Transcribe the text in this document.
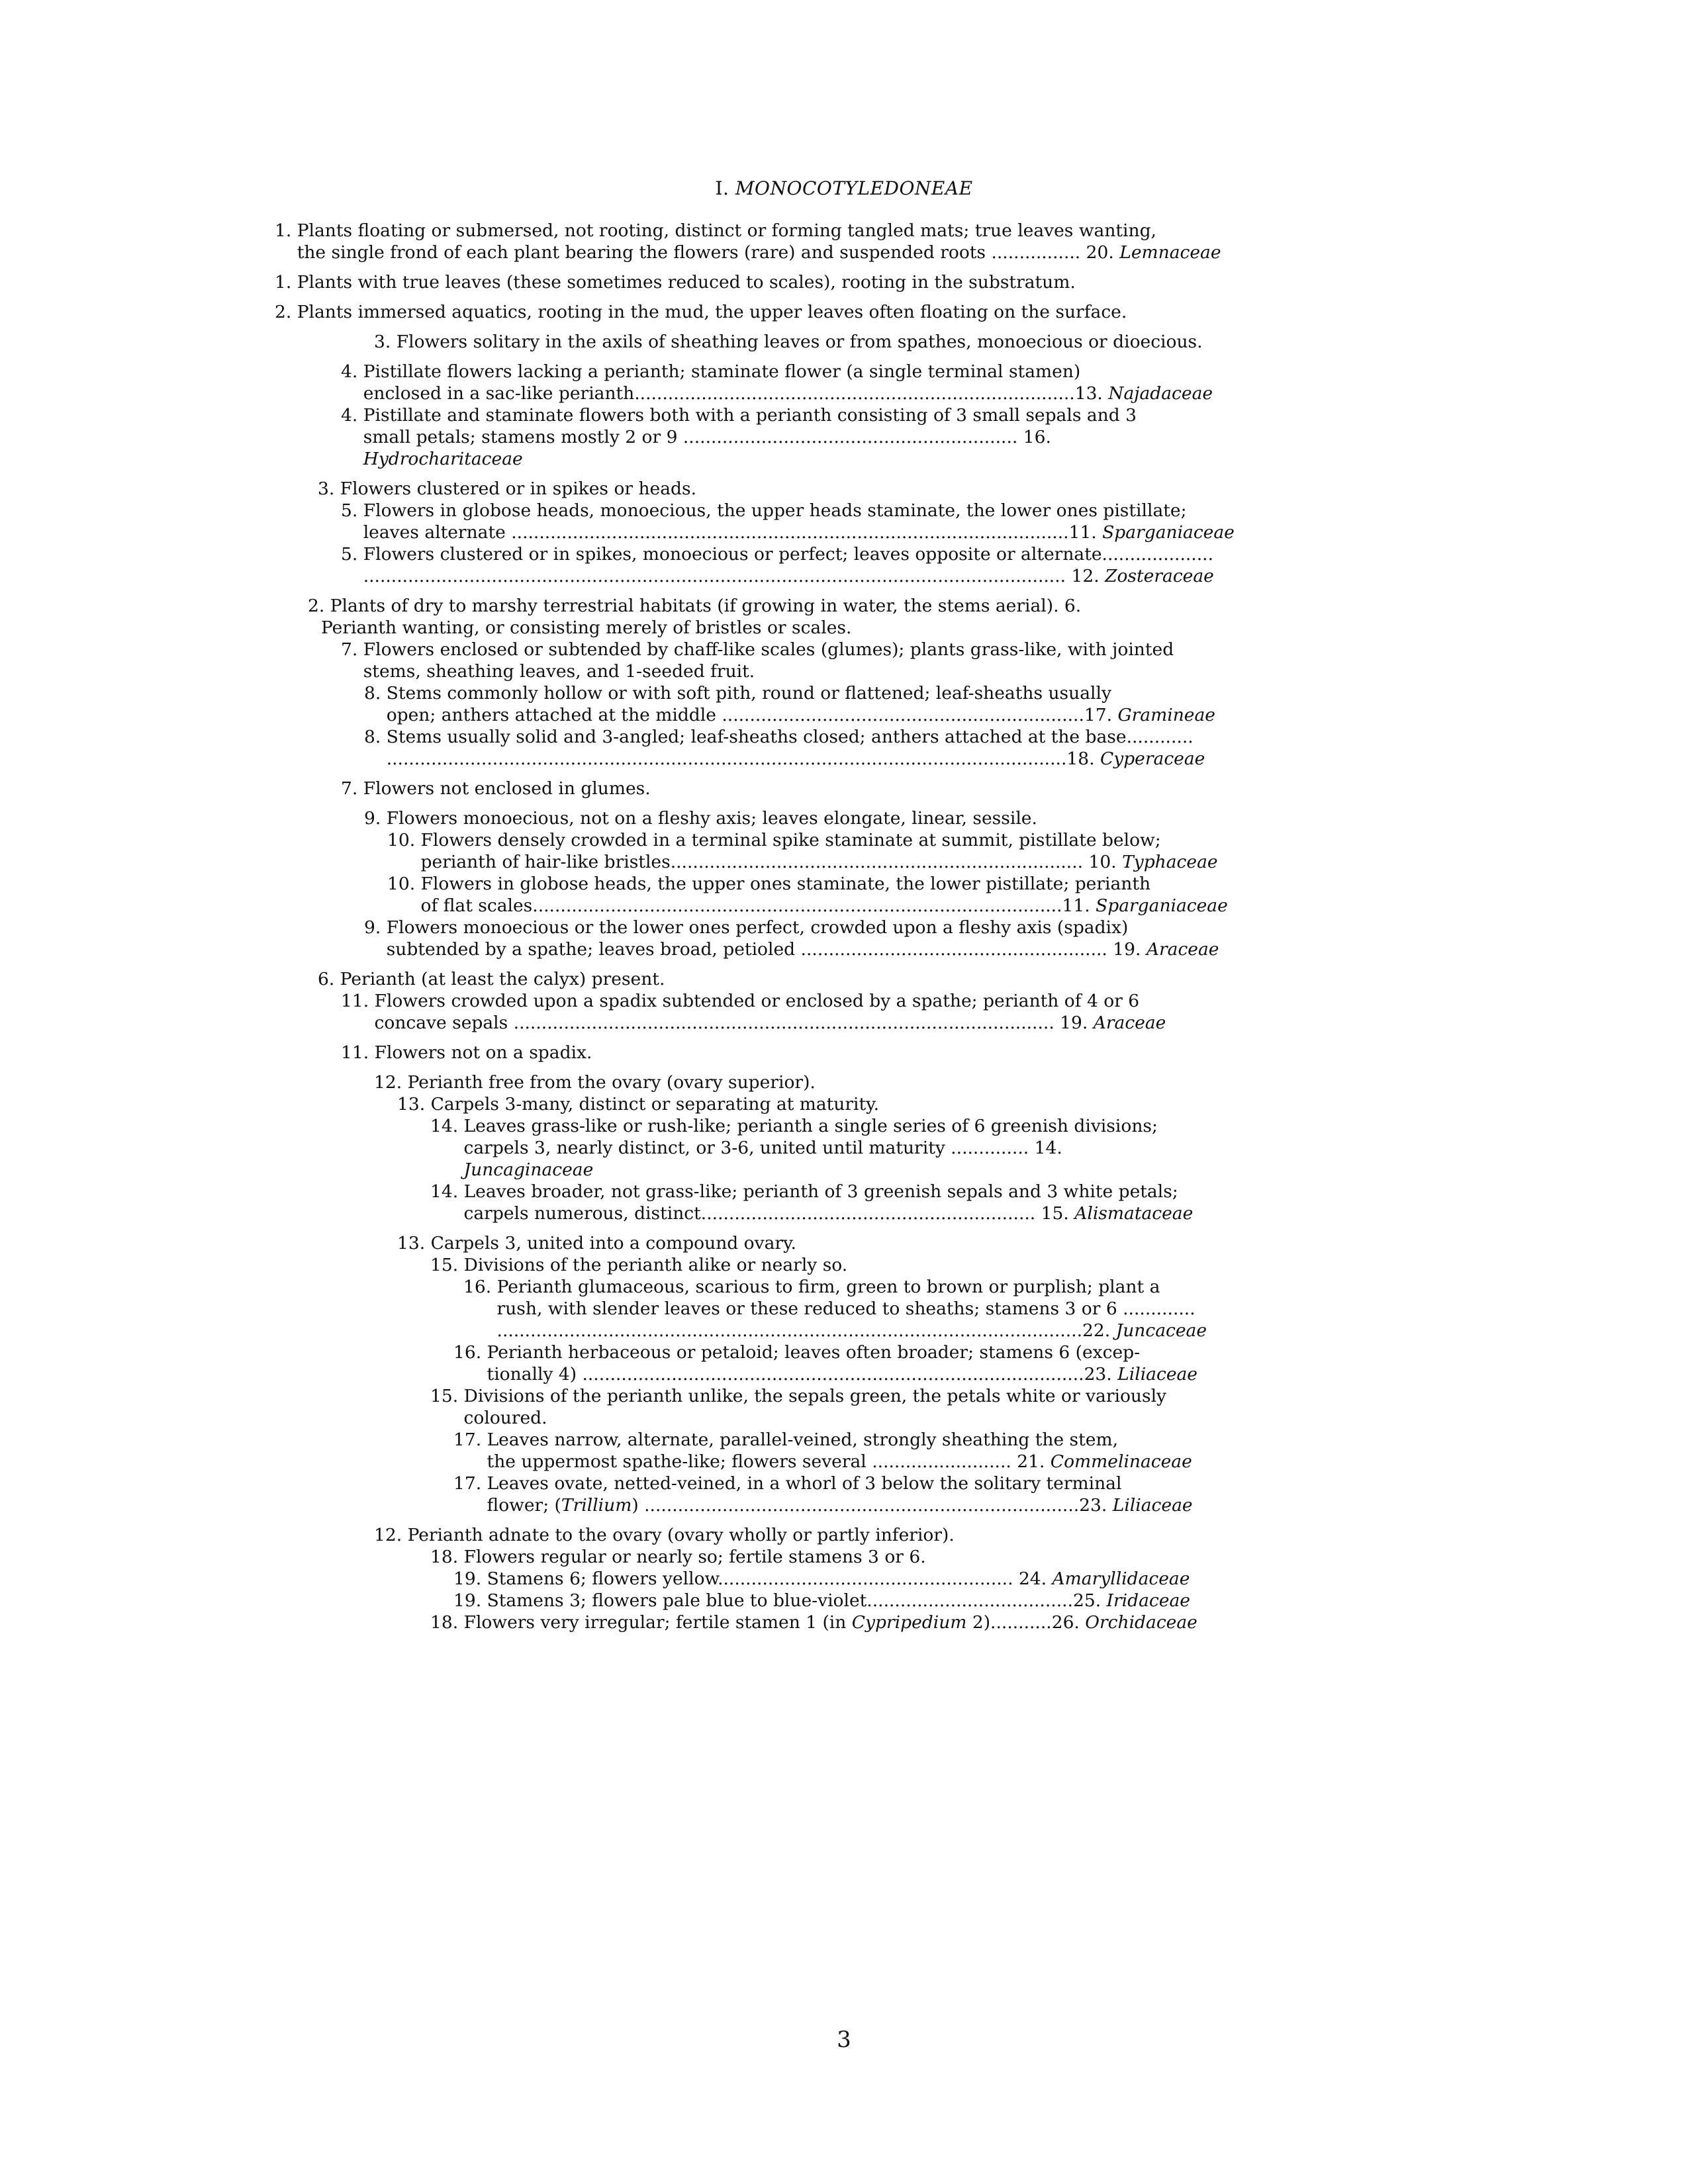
I. MONOCOTYLEDONEAE
1. Plants floating or submersed, not rooting, distinct or forming tangled mats; true leaves wanting,
the single frond of each plant bearing the flowers (rare) and suspended roots ................ 20. Lemnaceae
1. Plants with true leaves (these sometimes reduced to scales), rooting in the substratum.
2. Plants immersed aquatics, rooting in the mud, the upper leaves often floating on the surface.
3. Flowers solitary in the axils of sheathing leaves or from spathes, monoecious or dioecious.
4. Pistillate flowers lacking a perianth; staminate flower (a single terminal stamen)
enclosed in a sac-like perianth...............................................................................13. Najadaceae
4. Pistillate and staminate flowers both with a perianth consisting of 3 small sepals and 3
small petals; stamens mostly 2 or 9 ............................................................ 16.
Hydrocharitaceae
3. Flowers clustered or in spikes or heads.
5. Flowers in globose heads, monoecious, the upper heads staminate, the lower ones pistillate;
leaves alternate ....................................................................................................11. Sparganiaceae
5. Flowers clustered or in spikes, monoecious or perfect; leaves opposite or alternate....................
.............................................................................................................................. 12. Zosteraceae
2. Plants of dry to marshy terrestrial habitats (if growing in water, the stems aerial). 6.
Perianth wanting, or consisting merely of bristles or scales.
7. Flowers enclosed or subtended by chaff-like scales (glumes); plants grass-like, with jointed
stems, sheathing leaves, and 1-seeded fruit.
8. Stems commonly hollow or with soft pith, round or flattened; leaf-sheaths usually
open; anthers attached at the middle .................................................................17. Gramineae
8. Stems usually solid and 3-angled; leaf-sheaths closed; anthers attached at the base............
..........................................................................................................................18. Cyperaceae
7. Flowers not enclosed in glumes.
9. Flowers monoecious, not on a fleshy axis; leaves elongate, linear, sessile.
10. Flowers densely crowded in a terminal spike staminate at summit, pistillate below;
perianth of hair-like bristles.......................................................................... 10. Typhaceae
10. Flowers in globose heads, the upper ones staminate, the lower pistillate; perianth
of flat scales...............................................................................................11. Sparganiaceae
9. Flowers monoecious or the lower ones perfect, crowded upon a fleshy axis (spadix)
subtended by a spathe; leaves broad, petioled ....................................................... 19. Araceae
6. Perianth (at least the calyx) present.
11. Flowers crowded upon a spadix subtended or enclosed by a spathe; perianth of 4 or 6
concave sepals ................................................................................................. 19. Araceae
11. Flowers not on a spadix.
12. Perianth free from the ovary (ovary superior).
13. Carpels 3-many, distinct or separating at maturity.
14. Leaves grass-like or rush-like; perianth a single series of 6 greenish divisions;
carpels 3, nearly distinct, or 3-6, united until maturity .............. 14.
Juncaginaceae
14. Leaves broader, not grass-like; perianth of 3 greenish sepals and 3 white petals;
carpels numerous, distinct............................................................ 15. Alismataceae
13. Carpels 3, united into a compound ovary.
15. Divisions of the perianth alike or nearly so.
16. Perianth glumaceous, scarious to firm, green to brown or purplish; plant a
rush, with slender leaves or these reduced to sheaths; stamens 3 or 6 .............
.........................................................................................................22. Juncaceae
16. Perianth herbaceous or petaloid; leaves often broader; stamens 6 (excep-
tionally 4) ..........................................................................................23. Liliaceae
15. Divisions of the perianth unlike, the sepals green, the petals white or variously
coloured.
17. Leaves narrow, alternate, parallel-veined, strongly sheathing the stem,
the uppermost spathe-like; flowers several ......................... 21. Commelinaceae
17. Leaves ovate, netted-veined, in a whorl of 3 below the solitary terminal
flower; (Trillium) ..............................................................................23. Liliaceae
12. Perianth adnate to the ovary (ovary wholly or partly inferior).
18. Flowers regular or nearly so; fertile stamens 3 or 6.
19. Stamens 6; flowers yellow..................................................... 24. Amaryllidaceae
19. Stamens 3; flowers pale blue to blue-violet.....................................25. Iridaceae
18. Flowers very irregular; fertile stamen 1 (in Cypripedium 2)...........26. Orchidaceae
3
